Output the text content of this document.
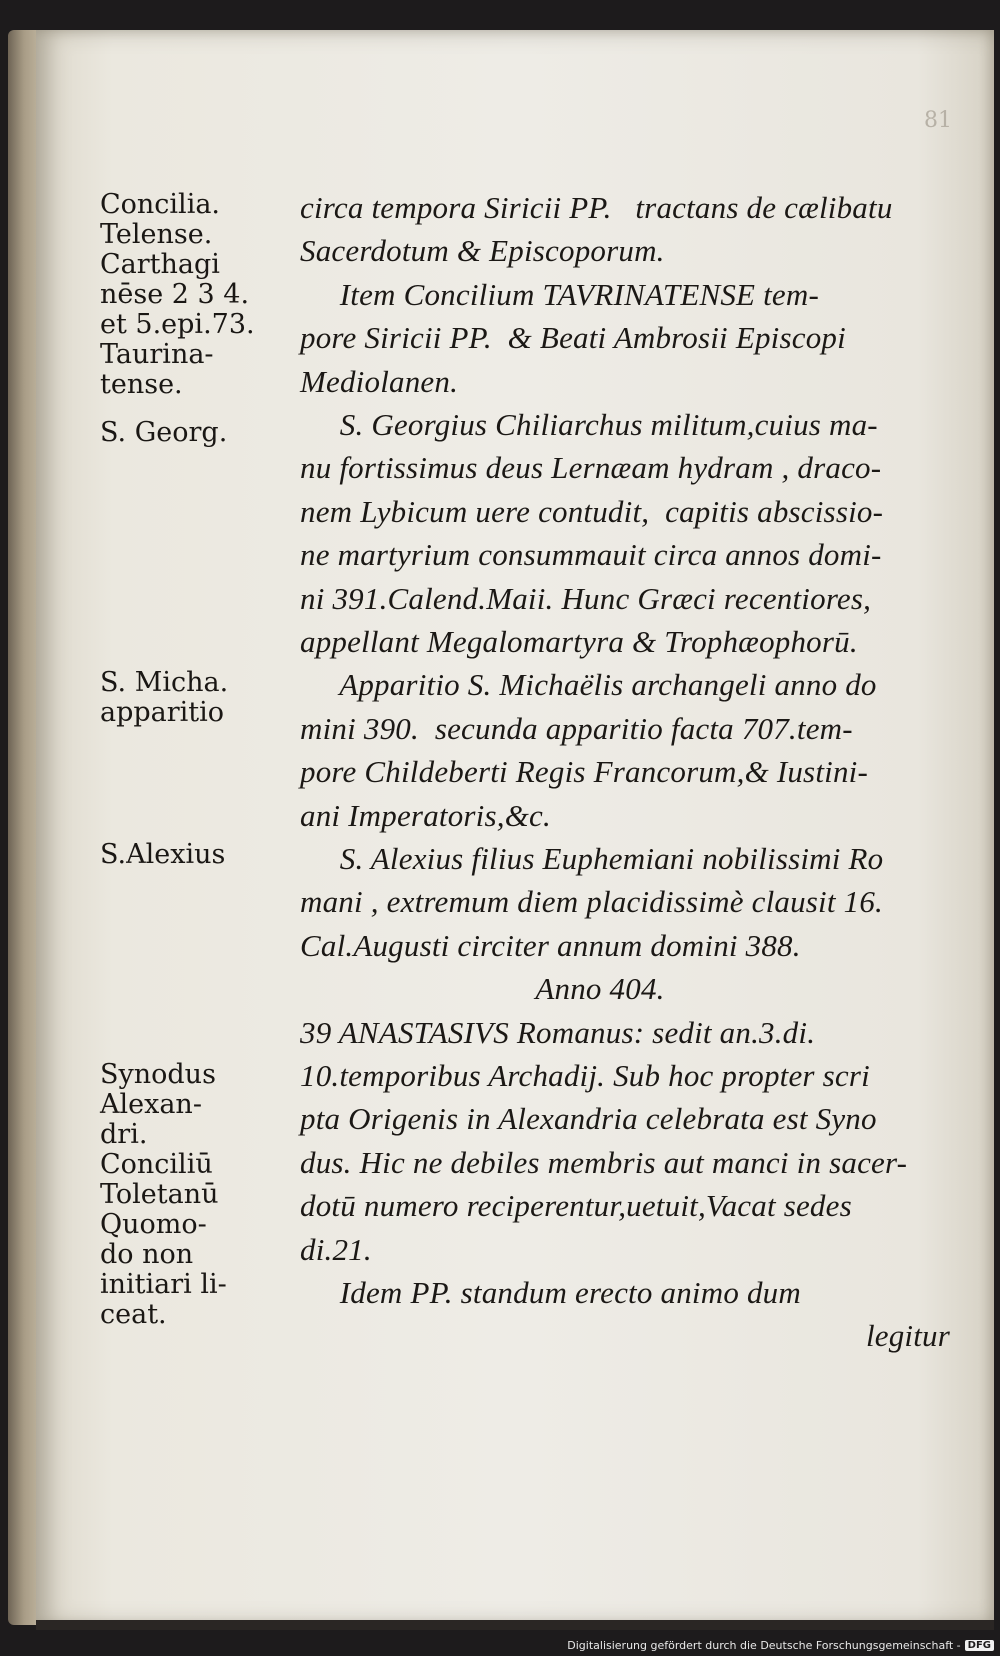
81
Concilia.
Telense.
Carthagi
nēse 2 3 4.
et 5.epi.73.
Taurina-
tense.
S. Georg.
S. Micha.
apparitio
S.Alexius
Synodus
Alexan-
dri.
Conciliū
Toletanū
Quomo-
do non
initiari li-
ceat.
circa tempora Siricii PP.   tractans de cælibatu
Sacerdotum & Episcoporum.
Item Concilium TAVRINATENSE tem-
pore Siricii PP.  & Beati Ambrosii Episcopi
Mediolanen.
S. Georgius Chiliarchus militum,cuius ma-
nu fortissimus deus Lernæam hydram , draco-
nem Lybicum uere contudit,  capitis abscissio-
ne martyrium consummauit circa annos domi-
ni 391.Calend.Maii. Hunc Græci recentiores,
appellant Megalomartyra & Trophæophorū.
Apparitio S. Michaëlis archangeli anno do
mini 390.  secunda apparitio facta 707.tem-
pore Childeberti Regis Francorum,& Iustini-
ani Imperatoris,&c.
S. Alexius filius Euphemiani nobilissimi Ro
mani , extremum diem placidissimè clausit 16.
Cal.Augusti circiter annum domini 388.
Anno 404.
39 ANASTASIVS Romanus: sedit an.3.di.
10.temporibus Archadij. Sub hoc propter scri
pta Origenis in Alexandria celebrata est Syno
dus. Hic ne debiles membris aut manci in sacer-
dotū numero reciperentur,uetuit,Vacat sedes
di.21.
Idem PP. standum erecto animo dum
legitur
Digitalisierung gefördert durch die Deutsche Forschungsgemeinschaft - DFG
